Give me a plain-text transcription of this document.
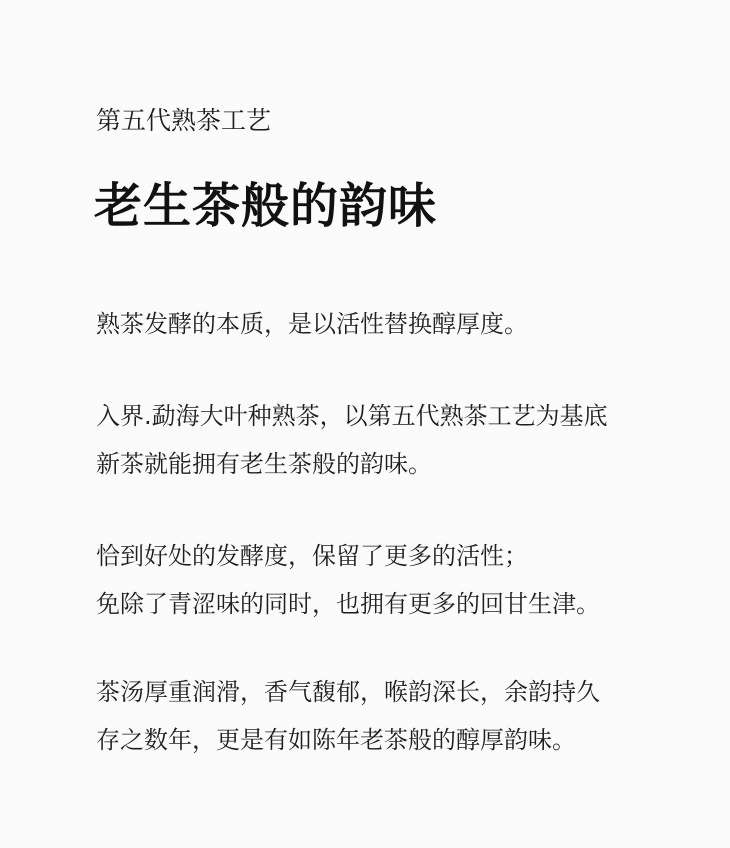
第五代熟茶工艺

老生茶般的韵味

熟茶发酵的本质，是以活性替换醇厚度。

入界.勐海大叶种熟茶，以第五代熟茶工艺为基底
新茶就能拥有老生茶般的韵味。

恰到好处的发酵度，保留了更多的活性；
免除了青涩味的同时，也拥有更多的回甘生津。

茶汤厚重润滑，香气馥郁，喉韵深长，余韵持久
存之数年，更是有如陈年老茶般的醇厚韵味。
